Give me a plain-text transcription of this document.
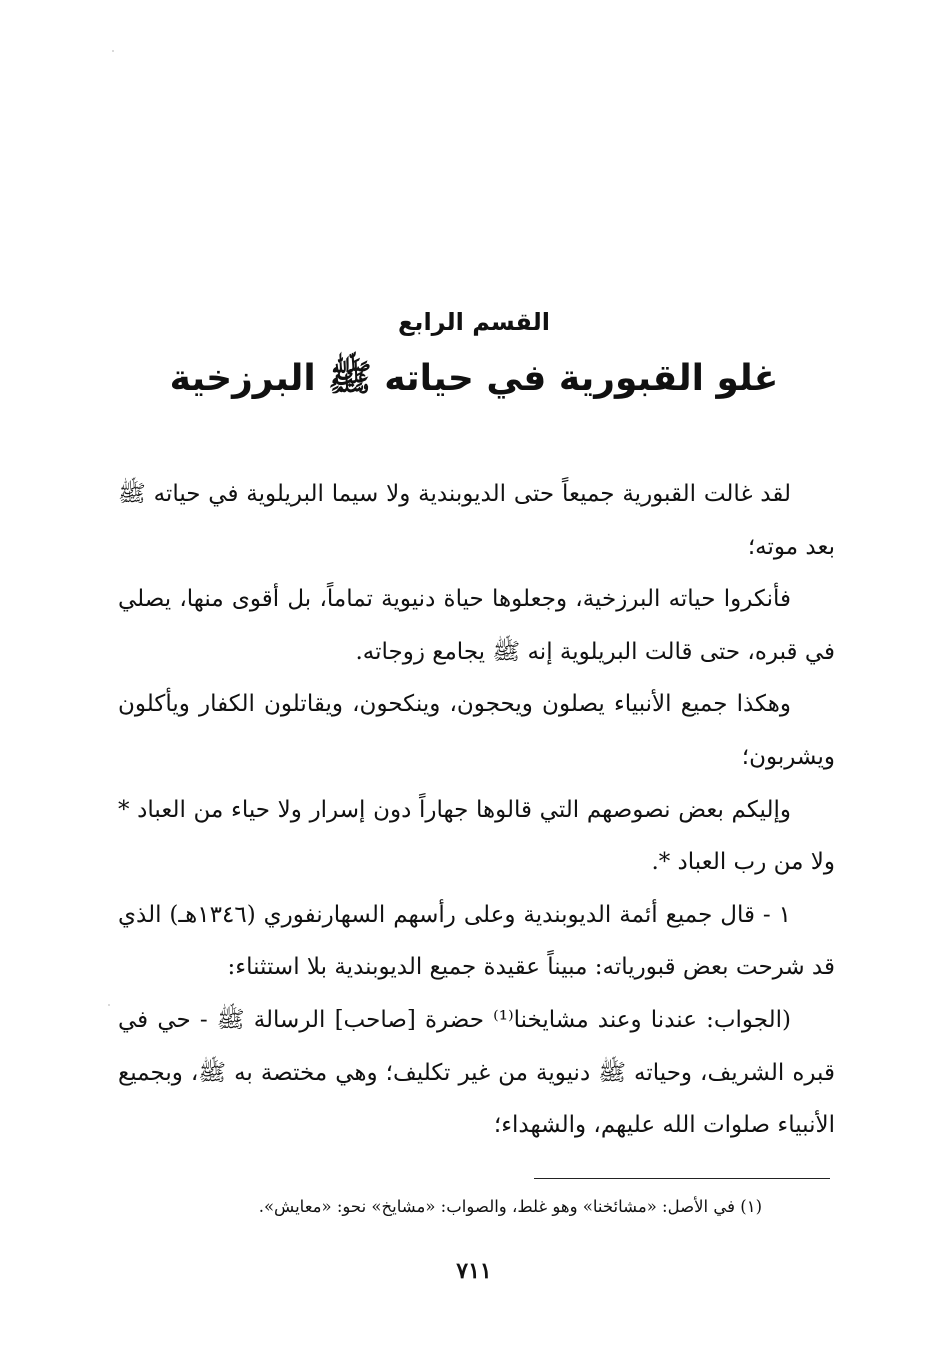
القسم الرابع
غلو القبورية في حياته ﷺ البرزخية

لقد غالت القبورية جميعاً حتى الديوبندية ولا سيما البريلوية في حياته ﷺ بعد موته؛

فأنكروا حياته البرزخية، وجعلوها حياة دنيوية تماماً، بل أقوى منها، يصلي في قبره، حتى قالت البريلوية إنه ﷺ يجامع زوجاته.

وهكذا جميع الأنبياء يصلون ويحجون، وينكحون، ويقاتلون الكفار ويأكلون ويشربون؛

وإليكم بعض نصوصهم التي قالوها جهاراً دون إسرار ولا حياء من العباد * ولا من رب العباد *.

١ - قال جميع أئمة الديوبندية وعلى رأسهم السهارنفوري (١٣٤٦هـ) الذي قد شرحت بعض قبورياته: مبيناً عقيدة جميع الديوبندية بلا استثناء:

(الجواب: عندنا وعند مشايخنا⁽¹⁾ حضرة [صاحب] الرسالة ﷺ - حي في قبره الشريف، وحياته ﷺ دنيوية من غير تكليف؛ وهي مختصة به ﷺ، وبجميع الأنبياء صلوات الله عليهم، والشهداء؛

(١) في الأصل: «مشائخنا» وهو غلط، والصواب: «مشايخ» نحو: «معايش».
٧١١
